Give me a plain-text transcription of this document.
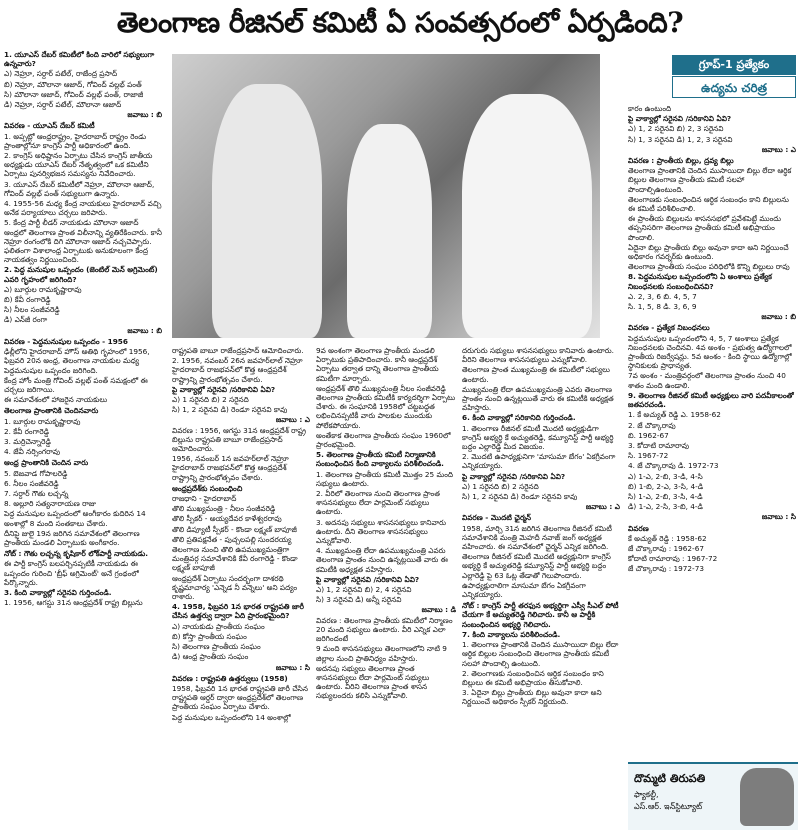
తెలంగాణ రీజినల్ కమిటీ ఏ సంవత్సరంలో ఏర్పడింది?

1. యూఎస్ దేబర్ కమిటీలో కింది వారిలో సభ్యులుగా ఉన్నవారు?

ఎ) నెహ్రూ, సర్దార్ పటేల్, రాజేంద్ర ప్రసాద్

బి) నెహ్రూ, మౌలానా ఆజాద్, గోవింద్ వల్లభ్ పంత్

సి) మౌలానా ఆజాద్, గోవింద్ వల్లభ్ పంత్, రాజాజీ

డి) నెహ్రూ, సర్దార్ పటేల్, మౌలానా ఆజాద్

జవాబు : బి

వివరణ - యూఎస్ దేబర్ కమిటీ

1. అప్పట్లో ఆంధ్రరాష్ట్రం, హైదరాబాద్ రాష్ట్రం రెండు ప్రాంతాల్లోనూ కాంగ్రెస్ పార్టీ అధికారంలో ఉంది.

2. కాంగ్రెస్ అధిష్టానం ఏర్పాటు చేసిన కాంగ్రెస్ జాతీయ అధ్యక్షుడు యూఎస్ దేబర్ నేతృత్వంలో ఒక కమిటీని ఏర్పాటు పునర్విభజన సమస్యను నివేదించారు.

3. యూఎస్ దేబర్ కమిటీలో నెహ్రూ, మౌలానా ఆజాద్, గోవింద్ వల్లభ్ పంత్ సభ్యులుగా ఉన్నారు.

4. 1955-56 మధ్య కేంద్ర నాయకులు హైదరాబాద్ వచ్చి అనేక పర్యాయాలు చర్చలు జరిపారు.

5. కేంద్ర పార్టీ లీడర్ నాయకుడు మౌలానా ఆజాద్ ఆంధ్రలో తెలంగాణ ప్రాంత విలీనాన్ని వ్యతిరేకించారు. కానీ నెహ్రూ రంగంలోకి దిగి మౌలానా ఆజాద్ నచ్చచెప్పారు. ఫలితంగా విశాలాంధ్ర ఏర్పాటుకు అనుకూలంగా కేంద్ర నాయకత్వం నిర్ణయించింది.

2. పెద్ద మనుషుల ఒప్పందం (జెంటిల్ మెన్ అగ్రిమెంట్) ఎవరి గృహంలో జరిగింది?

ఎ) బూర్గుల రామకృష్ణారావు

బి) కేవీ రంగారెడ్డి

సి) నీలం సంజీవరెడ్డి

డి) ఎన్‌జీ రంగా

జవాబు : బి

వివరణ - పెద్దమనుషుల ఒప్పందం - 1956

ఢిల్లీలోని హైదరాబాద్ హౌస్ అతిథి గృహంలో 1956, ఫిబ్రవరి 20న అంధ్ర, తెలంగాణ నాయకుల మధ్య పెద్దమనుషుల ఒప్పందం జరిగింది.

కేంద్ర హోం మంత్రి గోవింద్ వల్లభ్ పంత్ సమక్షంలో ఈ చర్చలు జరిగాయి.

ఈ సమావేశంలో హాజరైన నాయకులు

తెలంగాణ ప్రాంతానికి చెందినవారు

1. బూర్గుల రామకృష్ణారావు

2. కేవీ రంగారెడ్డి

3. మర్రిచెన్నారెడ్డి

4. జేవీ నర్సింగరావు

ఆంధ్ర ప్రాంతానికి చెందిన వారు

5. బెజవాడ గోపాలరెడ్డి

6. నీలం సంజీవరెడ్డి

7. సర్దార్ గౌతు లచ్చన్న

8. అల్లూరి సత్యనారాయణ రాజు

పెద్ద మనుషుల ఒప్పందంలో అంగీకారం కుదిరిన 14 అంశాల్లో 8 మంది సంతకాలు చేశారు.

దీనిపై జులై 19న జరిగిన సమావేశంలో తెలంగాణ ప్రాంతీయ మండలి ఏర్పాటుకు అంగీకారం.

నోట్ : గౌతు లచ్చన్న కృషికార్ లోక్‌పార్టీ నాయకుడు.

ఈ పార్టీ కాంగ్రెస్ బలపర్చినప్పటికీ నాయకుడు ఈ ఒప్పందం గురించి 'బ్రీఫ్ అగ్రిమెంట్' అనే గ్రంథంలో పేర్కొన్నారు.

3. కింది వాక్యాల్లో సరైనవి గుర్తించండి.

1. 1956, ఆగస్టు 31న ఆంధ్రప్రదేశ్ రాష్ట్ర బిల్లును

రాష్ట్రపతి బాబూ రాజేంద్రప్రసాద్ ఆమోదించారు.

2. 1956, నవంబర్ 26న జవహర్‌లాల్ నెహ్రూ హైదరాబాద్ రాజభవన్‌లో కొత్త ఆంధ్రప్రదేశ్ రాష్ట్రాన్ని ప్రారంభోత్సవం చేశారు.

పై వాక్యాల్లో సరైనవి /సరికానివి ఏవి?

ఎ) 1 సరైనది బి) 2 సరైనది

సి) 1, 2 సరైనవి డి) రెండూ సరైనవి కావు

జవాబు : ఎ

వివరణ : 1956, ఆగస్టు 31న ఆంధ్రప్రదేశ్ రాష్ట్ర బిల్లును రాష్ట్రపతి బాబూ రాజేంద్రప్రసాద్ ఆమోదించారు.

1956, నవంబర్ 1న జవహర్‌లాల్ నెహ్రూ హైదరాబాద్ రాజభవన్‌లో కొత్త ఆంధ్రప్రదేశ్ రాష్ట్రాన్ని ప్రారంభోత్సవం చేశారు.

ఆంధ్రప్రదేశ్‌కు సంబంధించి

రాజధాని - హైదరాబాద్

తొలి ముఖ్యమంత్రి - నీలం సంజీవరెడ్డి

తొలి స్పీకర్ - అయ్యదేవర కాళేశ్వరరావు

తొలి డిప్యూటీ స్పీకర్ - కొండా లక్ష్మణ్ బాపూజీ

తొలి ప్రతిపక్షనేత - పుచ్చలపల్లి సుందరయ్య

తెలంగాణ నుంచి తొలి ఉపముఖ్యమంత్రిగా మంత్రివర్గ సమావేశానికి కేవీ రంగారెడ్డి - కొండా లక్ష్మణ్ బాపూజీ

ఆంధ్రప్రదేశ్ ఏర్పాటు సందర్భంగా దాశరథి కృష్ణమాచార్య 'ఎన్నెడ నీ వన్నెలు' అని పద్యం రాశారు.

4. 1958, ఫిబ్రవరి 1న భారత రాష్ట్రపతి జారీ చేసిన ఉత్తర్వు ద్వారా ఏది ప్రారంభమైంది?

ఎ) నాయకుడు ప్రాంతీయ సంఘం

బి) కోస్తా ప్రాంతీయ సంఘం

సి) తెలంగాణ ప్రాంతీయ సంఘం

డి) ఆంధ్ర ప్రాంతీయ సంఘం

జవాబు : సి

వివరణ : రాష్ట్రపతి ఉత్తర్వులు (1958)

1958, ఫిబ్రవరి 1న భారత రాష్ట్రపతి జారీ చేసిన రాష్ట్రపతి ఆర్డర్ ద్వారా ఆంధ్రప్రదేశ్‌లో తెలంగాణ ప్రాంతీయ సంఘం ఏర్పాటు చేశారు.

పెద్ద మనుషుల ఒప్పందంలోని 14 అంశాల్లో

9వ అంశంగా తెలంగాణ ప్రాంతీయ మండలి ఏర్పాటుకు ప్రతిపాదించారు. కానీ ఆంధ్రప్రదేశ్ ఏర్పాటు తర్వాత దాన్ని తెలంగాణ ప్రాంతీయ కమిటీగా మార్చారు.

ఆంధ్రప్రదేశ్ తొలి ముఖ్యమంత్రి నీలం సంజీవరెడ్డి తెలంగాణ ప్రాంతీయ కమిటీకి కార్యదర్శిగా ఏర్పాటు చేశారు. ఈ సంఘానికి 1958లో చట్టబద్ధత లభించినప్పటికీ వారు పాలకుల ముందుకు పోలేకపోయారు.

అంతేకాక తెలంగాణ ప్రాంతీయ సంఘం 1960లో ప్రారంభమైంది.

5. తెలంగాణ ప్రాంతీయ కమిటీ నిర్మాణానికి సంబంధించిన కింది వాక్యాలను పరిశీలించండి.

1. తెలంగాణ ప్రాంతీయ కమిటీ మొత్తం 25 మంది సభ్యులు ఉంటారు.

2. వీరిలో తెలంగాణ నుంచి తెలంగాణ ప్రాంత శాసనసభ్యులు లేదా పార్లమెంట్ సభ్యులు ఉంటారు.

3. అదనపు సభ్యులు శాసనసభ్యులు కానివారు ఉంటారు. దీని తెలంగాణ శాసనసభ్యులు ఎన్నుకోవాలి.

4. ముఖ్యమంత్రి లేదా ఉపముఖ్యమంత్రి ఎవరు తెలంగాణ ప్రాంతం నుంచి ఉన్నట్లయితే వారు ఈ కమిటీకి అధ్యక్షత వహిస్తారు.

పై వాక్యాల్లో సరైనవి /సరికానివి ఏవి?

ఎ) 1, 2 సరైనవి బి) 2, 4 సరైనవి

సి) 3 సరైనవి డి) అన్నీ సరైనవి

జవాబు : డి

వివరణ : తెలంగాణ ప్రాంతీయ కమిటీలో నిర్మాణం 20 మంది సభ్యులు ఉంటారు. వీరి ఎన్నిక ఎలా జరిగిందంటే

9 మంది శాసనసభ్యులు తెలంగాణలోని నాటి 9 జిల్లాల నుంచి ప్రాతినిధ్యం వహిస్తారు.

అదనపు సభ్యులు తెలంగాణ ప్రాంత శాసనసభ్యులు లేదా పార్లమెంట్ సభ్యులు ఉంటారు. వీరిని తెలంగాణ ప్రాంత శాసన సభ్యులందరు కలిసి ఎన్నుకోవాలి.

దరుగురు సభ్యులు శాసనసభ్యులు కానివారు ఉంటారు. వీరిని తెలంగాణ శాసనసభ్యులు ఎన్నుకోవాలి.

తెలంగాణ ప్రాంత ముఖ్యమంత్రి ఈ కమిటీలో సభ్యులు ఉంటారు.

ముఖ్యమంత్రి లేదా ఉపముఖ్యమంత్రి ఎవరు తెలంగాణ ప్రాంతం నుంచి ఉన్నట్లయితే వారు ఈ కమిటీకి అధ్యక్షత వహిస్తారు.

6. కింది వాక్యాల్లో సరికానిది గుర్తించండి.

1. తెలంగాణ రీజినల్ కమిటీ మొదటి అధ్యక్షుడిగా కాంగ్రెస్ అభ్యర్థి కే అచ్యుతరెడ్డి, కమ్యూనిస్ట్ పార్టీ అభ్యర్థి బద్దం ఎల్లారెడ్డి మీద విజయం.

2. మొదటి ఉపాధ్యక్షునిగా 'మాసుమా బేగం' ఏకగ్రీవంగా ఎన్నికయ్యారు.

పై వాక్యాల్లో సరైనవి /సరికానివి ఏవి?

ఎ) 1 సరైనది బి) 2 సరైనది

సి) 1, 2 సరైనవి డి) రెండూ సరైనవి కావు

జవాబు : ఎ

వివరణ - మొదటి ఛైర్మన్

1958, మార్చి 31న జరిగిన తెలంగాణ రీజినల్ కమిటీ సమావేశానికి మంత్రి మెహదీ నవాజ్ జంగ్ అధ్యక్షత వహించారు. ఈ సమావేశంలో ఛైర్మన్ ఎన్నిక జరిగింది.

తెలంగాణ రీజినల్ కమిటీ మొదటి అధ్యక్షునిగా కాంగ్రెస్ అభ్యర్థి కే అచ్యుతరెడ్డి కమ్యూనిస్ట్ పార్టీ అభ్యర్థి బద్దం ఎల్లారెడ్డి పై 63 ఓట్ల తేడాతో గెలుపొందారు.

ఉపాధ్యక్షురాలిగా మాసుమా బేగం ఏకగ్రీవంగా ఎన్నికయ్యారు.

నోట్ : కాంగ్రెస్ పార్టీ తరఫున అభ్యర్థిగా ఎస్వీ సీఎల్ పోటీ చేయగా కే అచ్యుతరెడ్డి గెలిచారు. కానీ ఆ పార్టీకి సంబంధించిన అభ్యర్థి గెలిచారు.

7. కింది వాక్యాలను పరిశీలించండి.

1. తెలంగాణ ప్రాంతానికి చెందిన ముసాయిదా బిల్లు లేదా ఆర్థిక బిల్లుల సంబంధించి తెలంగాణ ప్రాంతీయ కమిటీ సలహా పొందాల్సి ఉంటుంది.

2. తెలంగాణకు సంబంధించిన ఆర్థిక సంబంధం కాని బిల్లులు ఈ కమిటీ అభిప్రాయం తీసుకోవాలి.

3. ఏదైనా బిల్లు ప్రాంతీయ బిల్లు అవునా కాదా అని నిర్ణయించే అధికారం స్పీకర్ నిర్ణయంది.

గ్రూప్‌-1 ప్రత్యేకం
ఉద్యమ చరిత్ర

కారం ఉంటుంది

పై వాక్యాల్లో సరైనవి /సరికానివి ఏవి?

ఎ) 1, 2 సరైనవి బి) 2, 3 సరైనవి

సి) 1, 3 సరైనవి డి) 1, 2, 3 సరైనవి

జవాబు : ఎ

వివరణ : ప్రాంతీయ బిల్లు, ద్రవ్య బిల్లు

తెలంగాణ ప్రాంతానికి చెందిన ముసాయిదా బిల్లు లేదా ఆర్థిక బిల్లుల తెలంగాణ ప్రాంతీయ కమిటీ సలహా పొందాల్సిఉంటుంది.

తెలంగాణకు సంబంధించిన ఆర్థిక సంబంధం కాని బిల్లులను ఈ కమిటీ పరిశీలించాలి.

ఈ ప్రాంతీయ బిల్లులను శాసనసభలో ప్రవేశపెట్టే ముందు తప్పనిసరిగా తెలంగాణ ప్రాంతీయ కమిటీ అభిప్రాయం పొందాలి.

ఏదైనా బిల్లు ప్రాంతీయ బిల్లు అవునా కాదా అని నిర్ణయించే అధికారం గవర్నర్‌కు ఉంటుంది.

తెలంగాణ ప్రాంతీయ సంఘం పరిధిలోకి కొన్ని బిల్లులు రావు

8. పెద్దమనుషుల ఒప్పందంలోని ఏ అంశాలు ప్రత్యేక నిబంధనలకు సంబంధించినవి?

ఎ. 2, 3, 6 బి. 4, 5, 7

సి. 1, 5, 8 డి. 3, 6, 9

జవాబు : బి

వివరణ - ప్రత్యేక నిబంధనలు

పెద్దమనుషుల ఒప్పందంలోని 4, 5, 7 అంశాలు ప్రత్యేక నిబంధనలకు చెందినవి. 4వ అంశం - ప్రభుత్వ ఉద్యోగాలలో ప్రాంతీయ రిజర్వేషన్లు. 5వ అంశం - కింది స్థాయి ఉద్యోగాల్లో స్థానికులకు ప్రాధాన్యత.

7వ అంశం - మంత్రివర్గంలో తెలంగాణ ప్రాంతం నుంచి 40 శాతం మంది ఉండాలి.

9. తెలంగాణ రీజినల్ కమిటీ అధ్యక్షులు వారి పదవీకాలంతో జతపరచండి.

1. కే అచ్యుత్ రెడ్డి ఎ. 1958-62

2. జే చొక్కారావు

బి. 1962-67

3. కోదాటి రామారావు

సి. 1967-72

4. జే చొక్కారావు డి. 1972-73

ఎ) 1-ఎ, 2-బి, 3-డి, 4-సి

బి) 1-బి, 2-ఎ, 3-సి, 4-డి

సి) 1-ఎ, 2-బి, 3-సి, 4-డి

డి) 1-ఎ, 2-సి, 3-బి, 4-డి

జవాబు : సి

వివరణ

కే అచ్యుత్ రెడ్డి : 1958-62

జే చొక్కారావు : 1962-67

కోదాటి రామారావు : 1967-72

జే చొక్కారావు : 1972-73

దొమ్మటి తిరుపతి
ఫ్యాకల్టీ,
ఎస్‌.ఆర్‌. ఇన్‌స్టిట్యూట్‌
